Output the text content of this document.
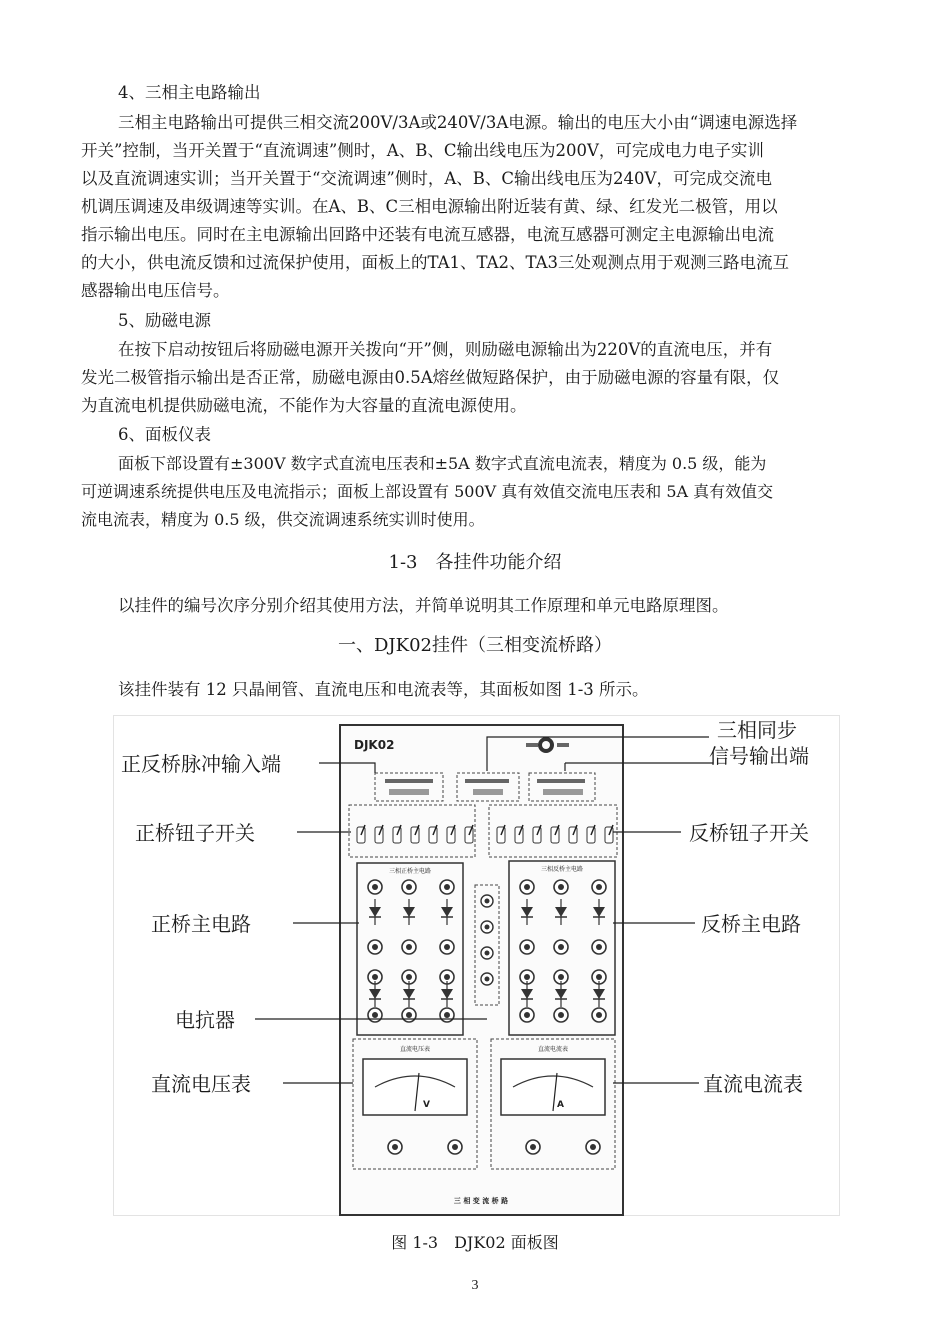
4、三相主电路输出
三相主电路输出可提供三相交流200V/3A或240V/3A电源。输出的电压大小由“调速电源选择
开关”控制，当开关置于“直流调速”侧时，A、B、C输出线电压为200V，可完成电力电子实训
以及直流调速实训；当开关置于“交流调速”侧时，A、B、C输出线电压为240V，可完成交流电
机调压调速及串级调速等实训。在A、B、C三相电源输出附近装有黄、绿、红发光二极管，用以
指示输出电压。同时在主电源输出回路中还装有电流互感器，电流互感器可测定主电源输出电流
的大小，供电流反馈和过流保护使用，面板上的TA1、TA2、TA3三处观测点用于观测三路电流互
感器输出电压信号。
5、励磁电源
在按下启动按钮后将励磁电源开关拨向“开”侧，则励磁电源输出为220V的直流电压，并有
发光二极管指示输出是否正常，励磁电源由0.5A熔丝做短路保护，由于励磁电源的容量有限，仅
为直流电机提供励磁电流，不能作为大容量的直流电源使用。
6、面板仪表
面板下部设置有±300V 数字式直流电压表和±5A 数字式直流电流表，精度为 0.5 级，能为
可逆调速系统提供电压及电流指示；面板上部设置有 500V 真有效值交流电压表和 5A 真有效值交
流电流表，精度为 0.5 级，供交流调速系统实训时使用。
1-3　各挂件功能介绍
以挂件的编号次序分别介绍其使用方法，并简单说明其工作原理和单元电路原理图。
一、DJK02挂件（三相变流桥路）
该挂件装有 12 只晶闸管、直流电压和电流表等，其面板如图 1-3 所示。
DJK02
三相正桥主电路	三相反桥主电路
直流电压表	直流电流表
V	A
三 相 变 流 桥 路
正反桥脉冲输入端
三相同步
信号输出端
正桥钮子开关	反桥钮子开关
正桥主电路	反桥主电路
电抗器
直流电压表	直流电流表
图 1-3　DJK02 面板图
3
